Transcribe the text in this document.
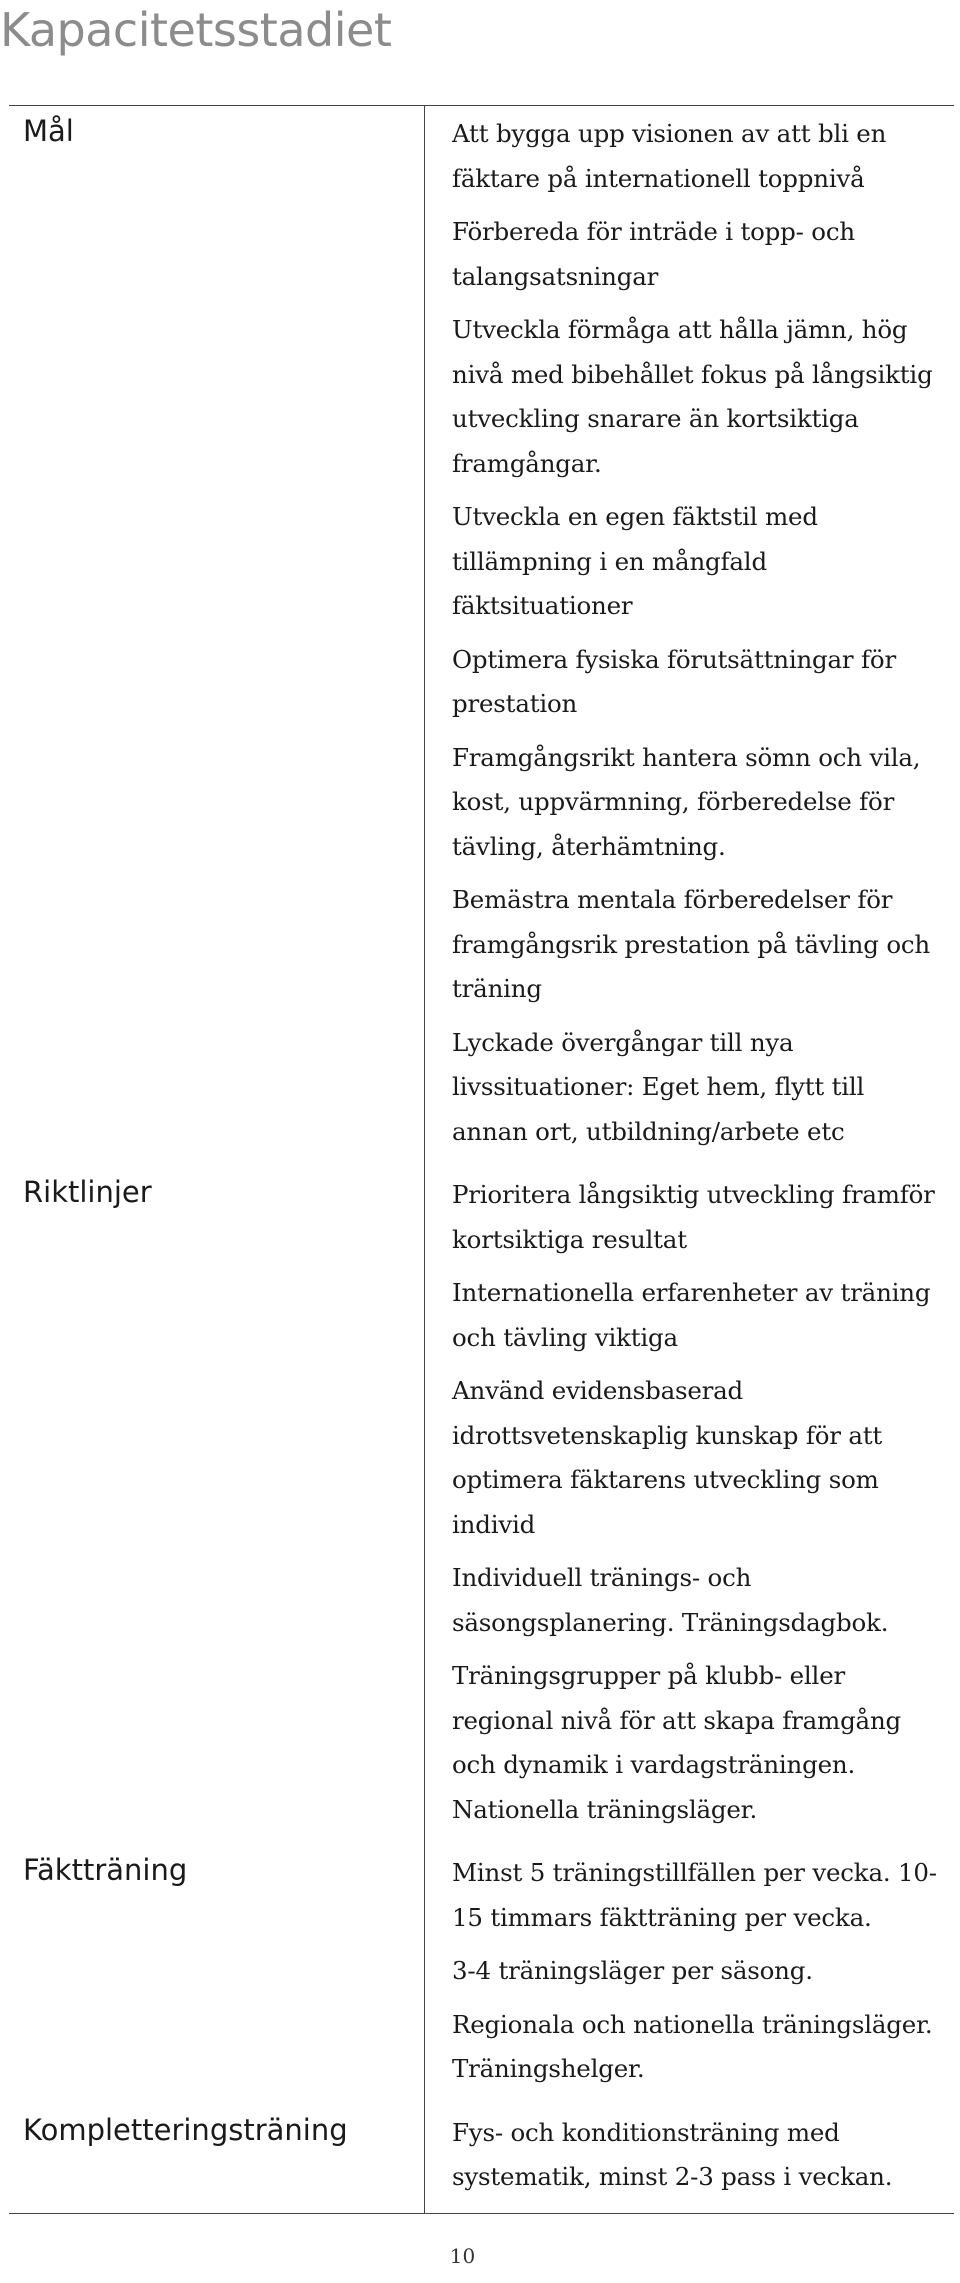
Kapacitetsstadiet
Mål	Att bygga upp visionen av att bli en fäktare på internationell toppnivå
Förbereda för inträde i topp- och talangsatsningar
Utveckla förmåga att hålla jämn, hög nivå med bibehållet fokus på långsiktig utveckling snarare än kortsiktiga framgångar.
Utveckla en egen fäktstil med tillämpning i en mångfald fäktsituationer
Optimera fysiska förutsättningar för prestation
Framgångsrikt hantera sömn och vila, kost, uppvärmning, förberedelse för tävling, återhämtning.
Bemästra mentala förberedelser för framgångsrik prestation på tävling och träning
Lyckade övergångar till nya livssituationer: Eget hem, flytt till annan ort, utbildning/arbete etc
Riktlinjer	Prioritera långsiktig utveckling framför kortsiktiga resultat
Internationella erfarenheter av träning och tävling viktiga
Använd evidensbaserad idrottsvetenskaplig kunskap för att optimera fäktarens utveckling som individ
Individuell tränings- och säsongsplanering. Träningsdagbok.
Träningsgrupper på klubb- eller regional nivå för att skapa framgång och dynamik i vardagsträningen. Nationella träningsläger.
Fäktträning	Minst 5 träningstillfällen per vecka. 10-15 timmars fäktträning per vecka.
3-4 träningsläger per säsong.
Regionala och nationella träningsläger. Träningshelger.
Kompletteringsträning	Fys- och konditionsträning med systematik, minst 2-3 pass i veckan.
10
